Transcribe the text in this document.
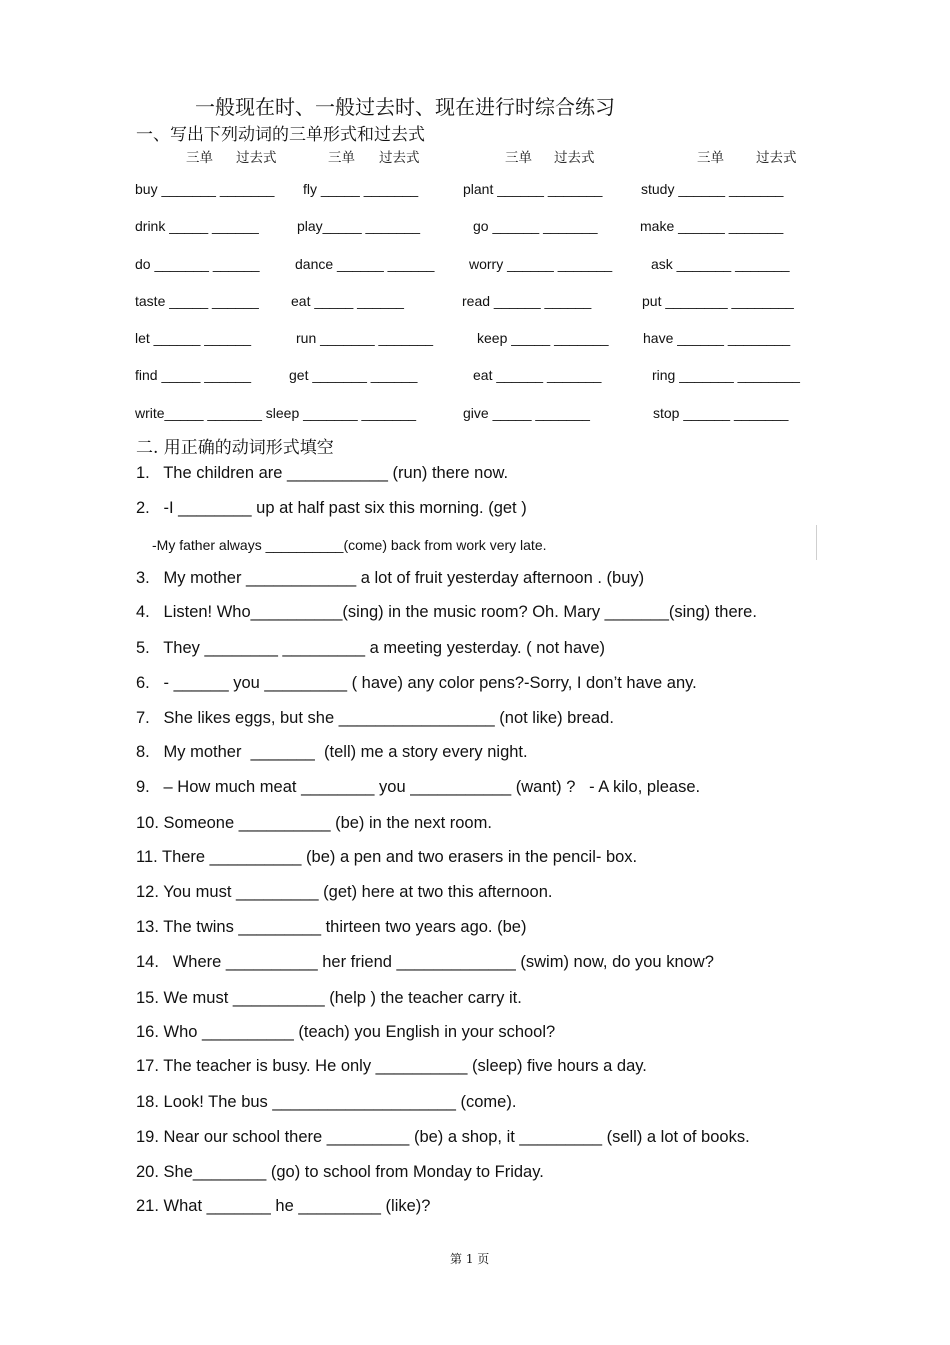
一般现在时、一般过去时、现在进行时综合练习
一、写出下列动词的三单形式和过去式
三单 过去式	三单 过去式	三单 过去式	三单 过去式
buy _______ _______ fly _____ _______	plant ______ _______	study ______ _______
drink _____ ______	play_____ _______	go ______ _______	make ______ _______
do _______ ______	dance ______ ______ worry ______ _______	ask _______ _______
taste _____ ______ eat _____ ______	read ______ ______	put ________ ________
let ______ ______	run _______ _______	keep _____ _______ have ______ ________
find _____ ______	get _______ ______	eat ______ _______	ring _______ ________
write_____ _______ sleep _______ _______	give _____ _______	stop ______ _______
二. 用正确的动词形式填空
1.   The children are ___________ (run) there now.
2.   -I ________ up at half past six this morning. (get )
-My father always __________(come) back from work very late.
3.   My mother ____________ a lot of fruit yesterday afternoon . (buy)
4.   Listen! Who__________(sing) in the music room? Oh. Mary _______(sing) there.
5.   They ________ _________ a meeting yesterday. ( not have)
6.   - ______ you _________ ( have) any color pens?-Sorry, I don’t have any.
7.   She likes eggs, but she _________________ (not like) bread.
8.   My mother  _______  (tell) me a story every night.
9.   – How much meat ________ you ___________ (want) ?   - A kilo, please.
10. Someone __________ (be) in the next room.
11. There __________ (be) a pen and two erasers in the pencil- box.
12. You must _________ (get) here at two this afternoon.
13. The twins _________ thirteen two years ago. (be)
14.   Where __________ her friend _____________ (swim) now, do you know?
15. We must __________ (help ) the teacher carry it.
16. Who __________ (teach) you English in your school?
17. The teacher is busy. He only __________ (sleep) five hours a day.
18. Look! The bus ____________________ (come).
19. Near our school there _________ (be) a shop, it _________ (sell) a lot of books.
20. She________ (go) to school from Monday to Friday.
21. What _______ he _________ (like)?
第 1 页
